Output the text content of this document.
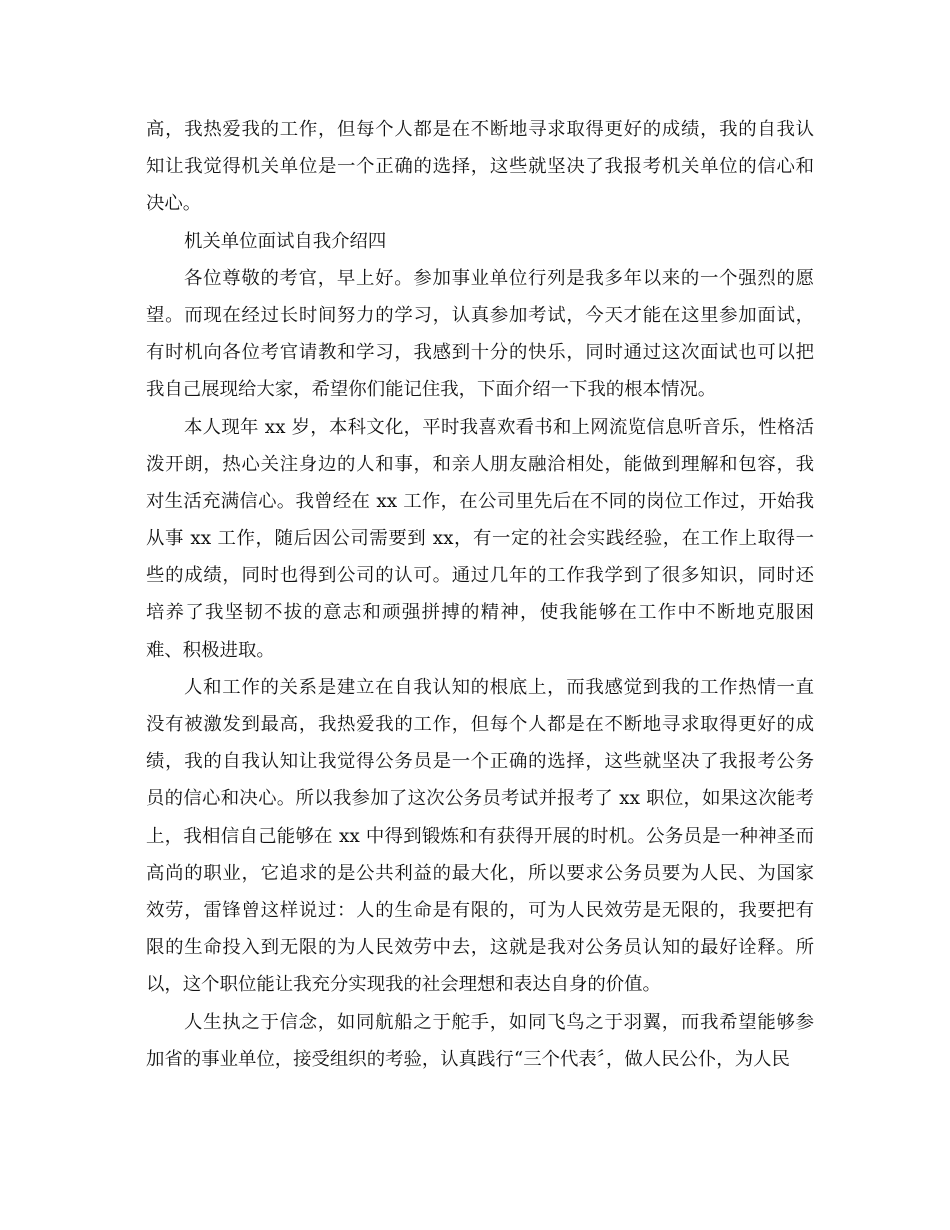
高，我热爱我的工作，但每个人都是在不断地寻求取得更好的成绩，我的自我认
知让我觉得机关单位是一个正确的选择，这些就坚决了我报考机关单位的信心和
决心。
机关单位面试自我介绍四
各位尊敬的考官，早上好。参加事业单位行列是我多年以来的一个强烈的愿
望。而现在经过长时间努力的学习，认真参加考试，今天才能在这里参加面试，
有时机向各位考官请教和学习，我感到十分的快乐，同时通过这次面试也可以把
我自己展现给大家，希望你们能记住我，下面介绍一下我的根本情况。
本人现年 xx 岁，本科文化，平时我喜欢看书和上网流览信息听音乐，性格活
泼开朗，热心关注身边的人和事，和亲人朋友融洽相处，能做到理解和包容，我
对生活充满信心。我曾经在 xx 工作，在公司里先后在不同的岗位工作过，开始我
从事 xx 工作，随后因公司需要到 xx，有一定的社会实践经验，在工作上取得一
些的成绩，同时也得到公司的认可。通过几年的工作我学到了很多知识，同时还
培养了我坚韧不拔的意志和顽强拼搏的精神，使我能够在工作中不断地克服困
难、积极进取。
人和工作的关系是建立在自我认知的根底上，而我感觉到我的工作热情一直
没有被激发到最高，我热爱我的工作，但每个人都是在不断地寻求取得更好的成
绩，我的自我认知让我觉得公务员是一个正确的选择，这些就坚决了我报考公务
员的信心和决心。所以我参加了这次公务员考试并报考了 xx 职位，如果这次能考
上，我相信自己能够在 xx 中得到锻炼和有获得开展的时机。公务员是一种神圣而
高尚的职业，它追求的是公共利益的最大化，所以要求公务员要为人民、为国家
效劳，雷锋曾这样说过：人的生命是有限的，可为人民效劳是无限的，我要把有
限的生命投入到无限的为人民效劳中去，这就是我对公务员认知的最好诠释。所
以，这个职位能让我充分实现我的社会理想和表达自身的价值。
人生执之于信念，如同航船之于舵手，如同飞鸟之于羽翼，而我希望能够参
加省的事业单位，接受组织的考验，认真践行“三个代表〞，做人民公仆，为人民
